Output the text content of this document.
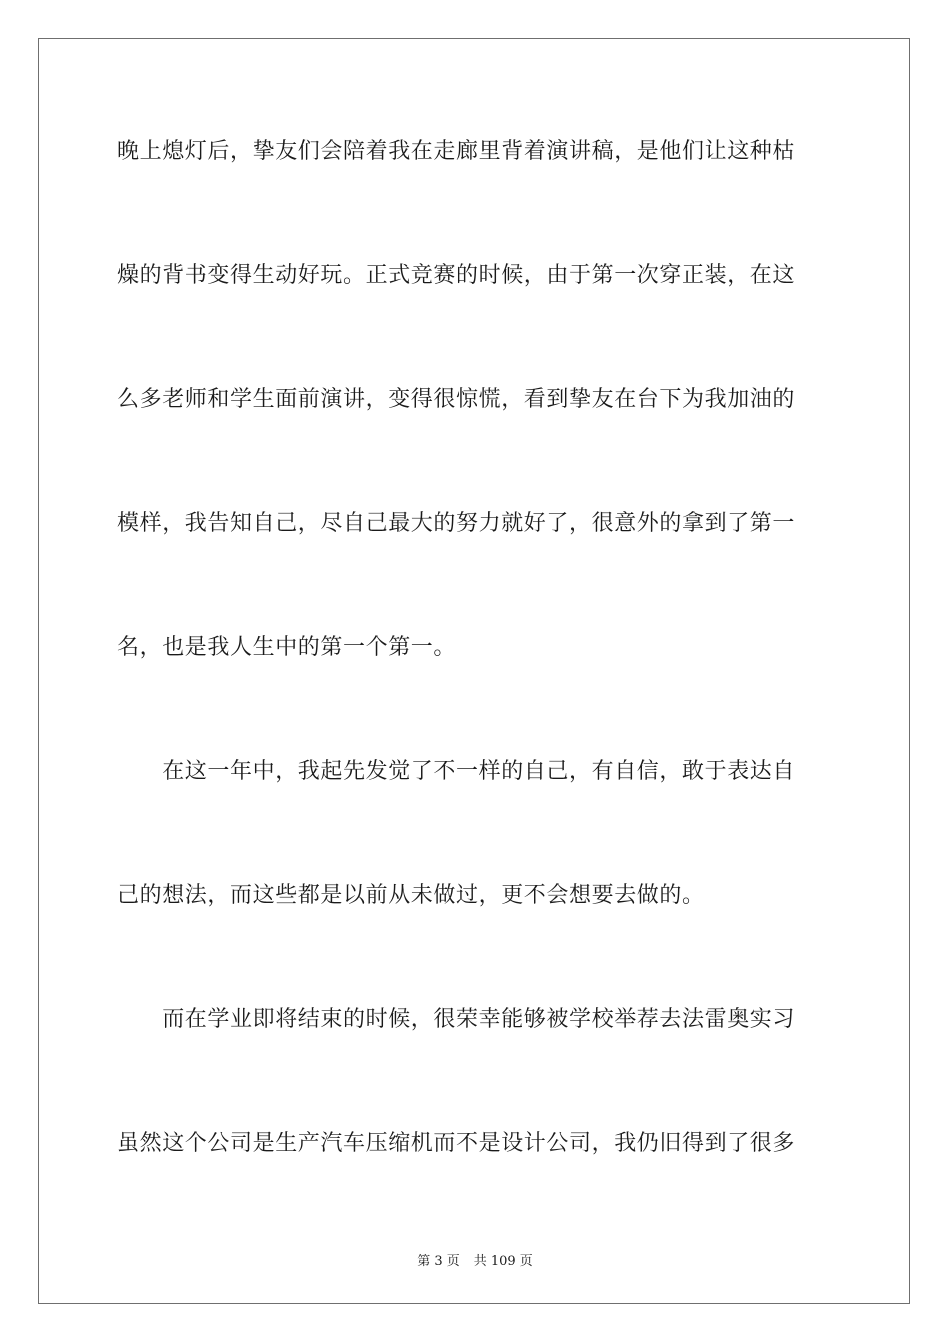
晚上熄灯后，挚友们会陪着我在走廊里背着演讲稿，是他们让这种枯
燥的背书变得生动好玩。正式竞赛的时候，由于第一次穿正装，在这
么多老师和学生面前演讲，变得很惊慌，看到挚友在台下为我加油的
模样，我告知自己，尽自己最大的努力就好了，很意外的拿到了第一
名，也是我人生中的第一个第一。
　　在这一年中，我起先发觉了不一样的自己，有自信，敢于表达自
己的想法，而这些都是以前从未做过，更不会想要去做的。
　　而在学业即将结束的时候，很荣幸能够被学校举荐去法雷奥实习
虽然这个公司是生产汽车压缩机而不是设计公司，我仍旧得到了很多
第 3 页 共 109 页
